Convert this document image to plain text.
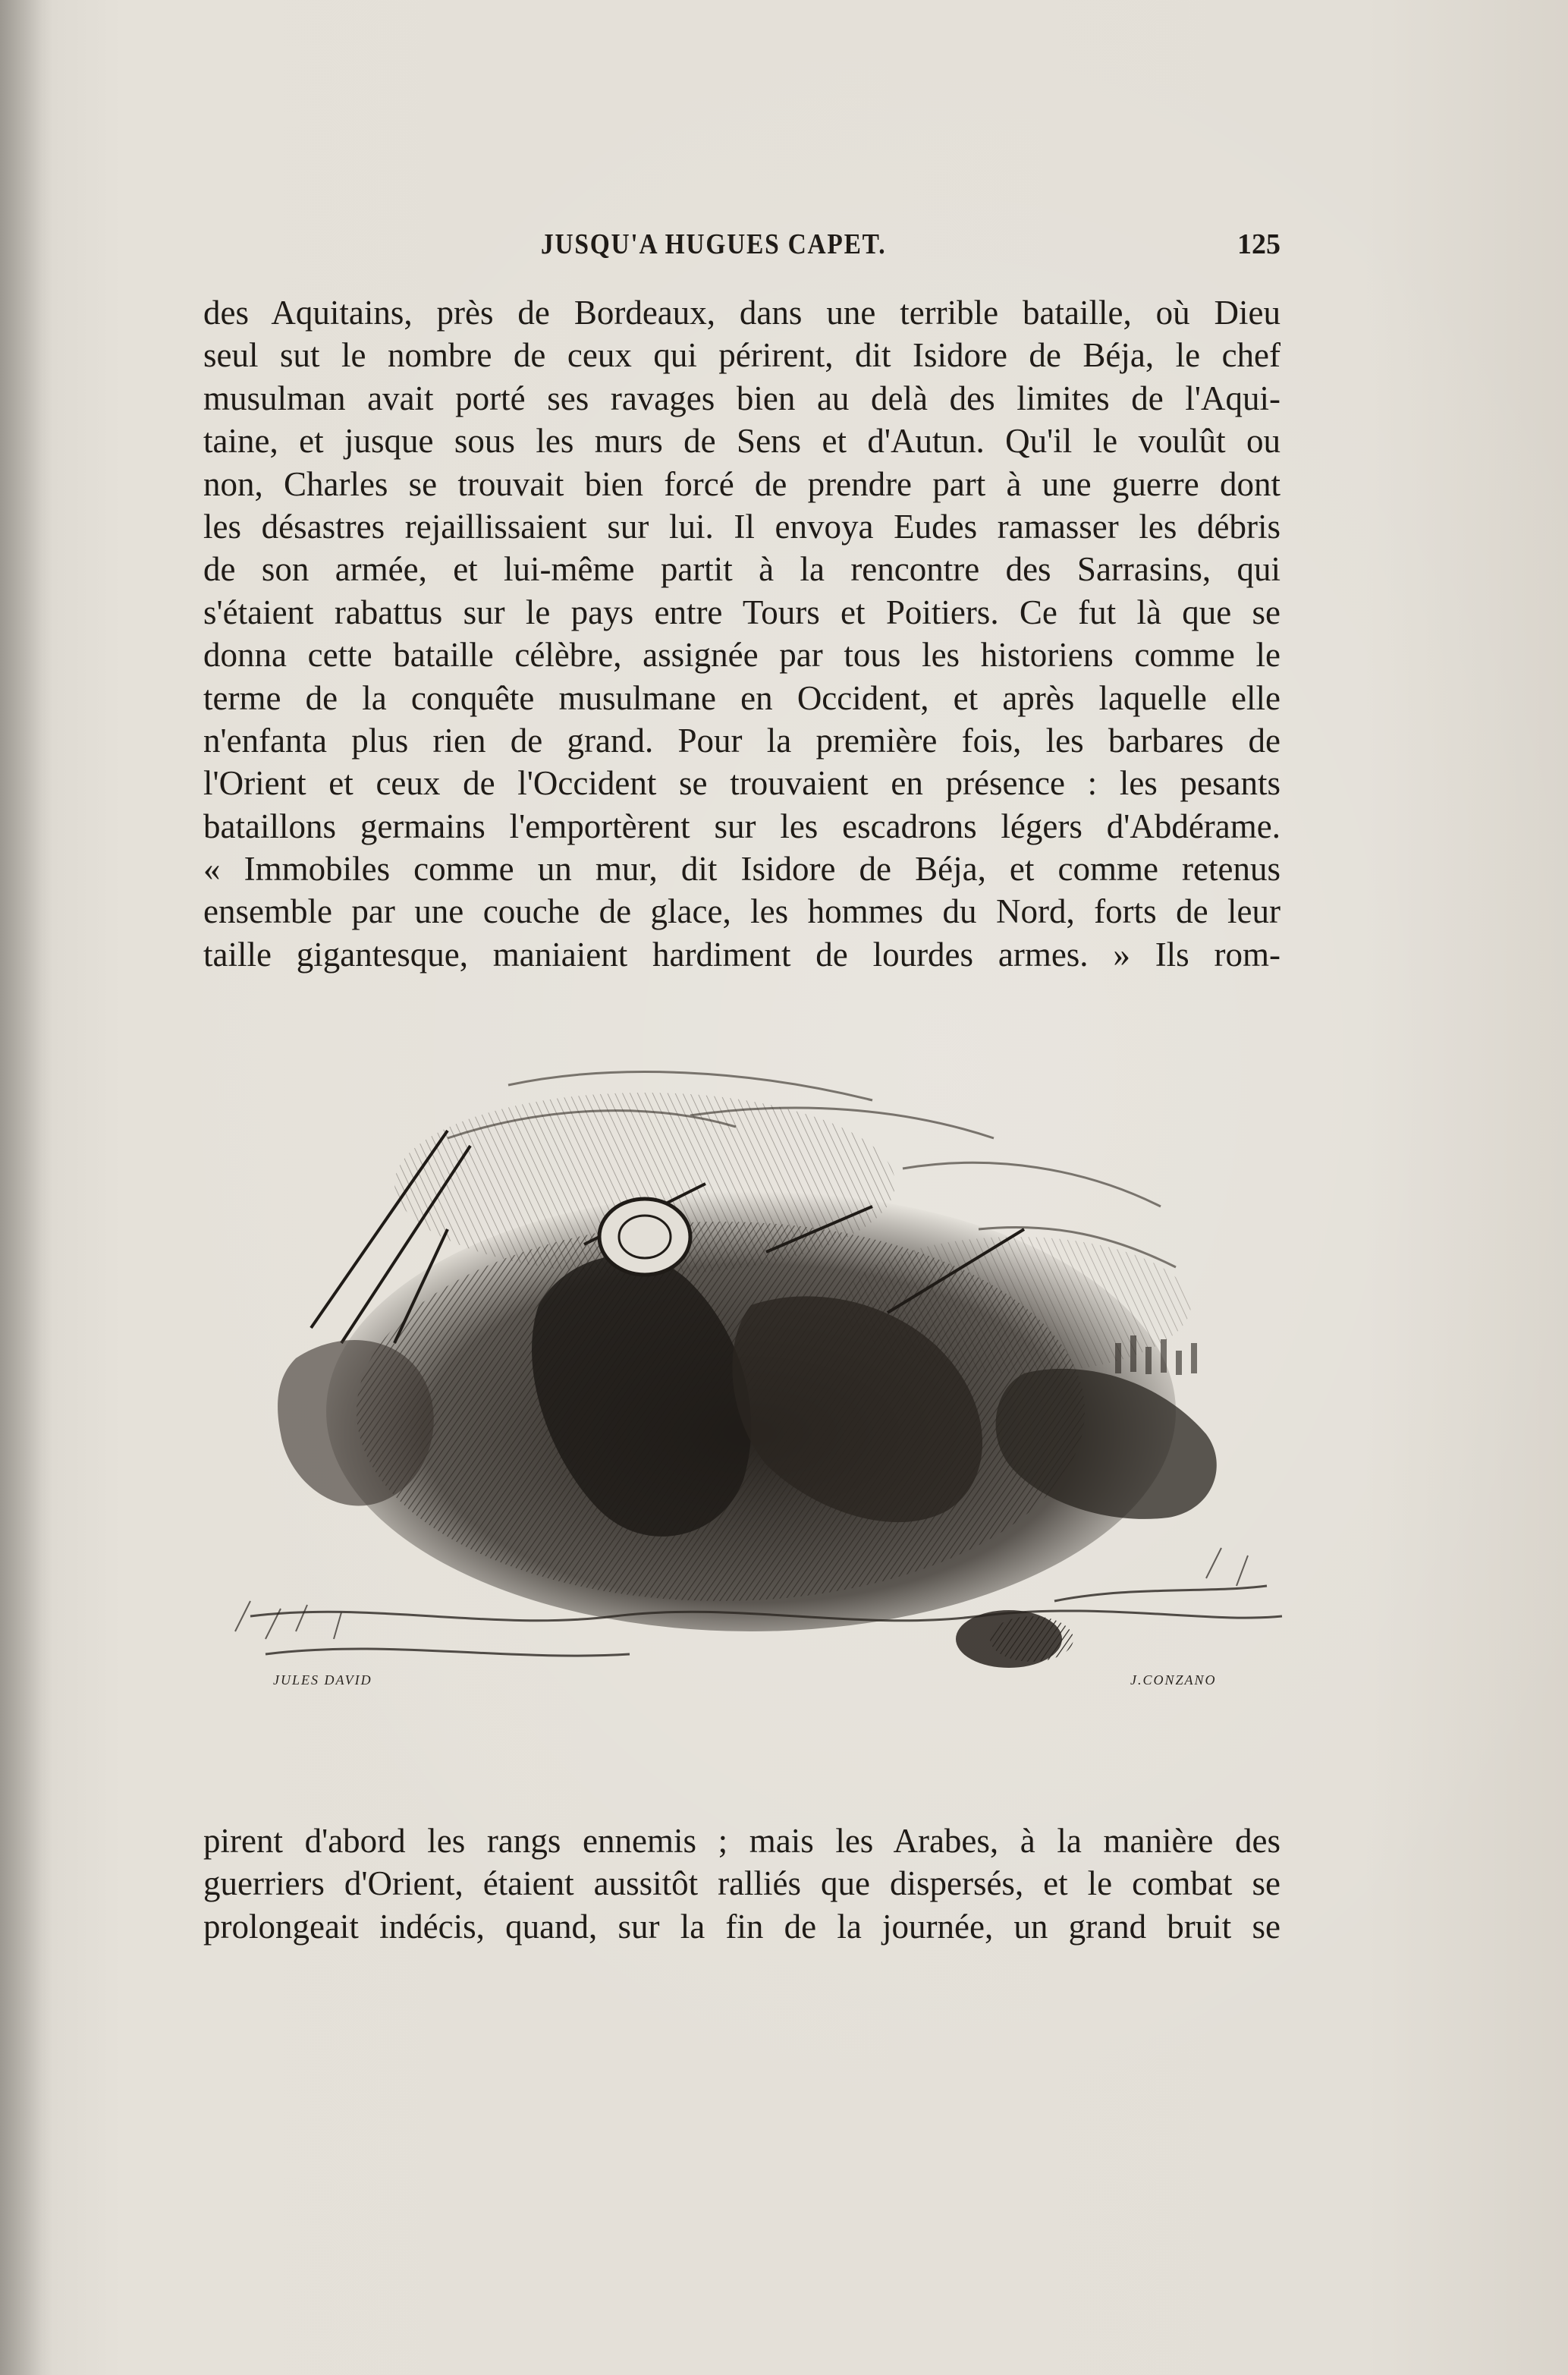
JUSQU'A HUGUES CAPET.	125
des Aquitains, près de Bordeaux, dans une terrible bataille, où Dieu
seul sut le nombre de ceux qui périrent, dit Isidore de Béja, le chef
musulman avait porté ses ravages bien au delà des limites de l'Aqui-
taine, et jusque sous les murs de Sens et d'Autun. Qu'il le voulût ou
non, Charles se trouvait bien forcé de prendre part à une guerre dont
les désastres rejaillissaient sur lui. Il envoya Eudes ramasser les débris
de son armée, et lui-même partit à la rencontre des Sarrasins, qui
s'étaient rabattus sur le pays entre Tours et Poitiers. Ce fut là que se
donna cette bataille célèbre, assignée par tous les historiens comme le
terme de la conquête musulmane en Occident, et après laquelle elle
n'enfanta plus rien de grand. Pour la première fois, les barbares de
l'Orient et ceux de l'Occident se trouvaient en présence : les pesants
bataillons germains l'emportèrent sur les escadrons légers d'Abdérame.
« Immobiles comme un mur, dit Isidore de Béja, et comme retenus
ensemble par une couche de glace, les hommes du Nord, forts de leur
taille gigantesque, maniaient hardiment de lourdes armes. » Ils rom-
JULES DAVID	J.CONZANO
pirent d'abord les rangs ennemis ; mais les Arabes, à la manière des
guerriers d'Orient, étaient aussitôt ralliés que dispersés, et le combat se
prolongeait indécis, quand, sur la fin de la journée, un grand bruit se
